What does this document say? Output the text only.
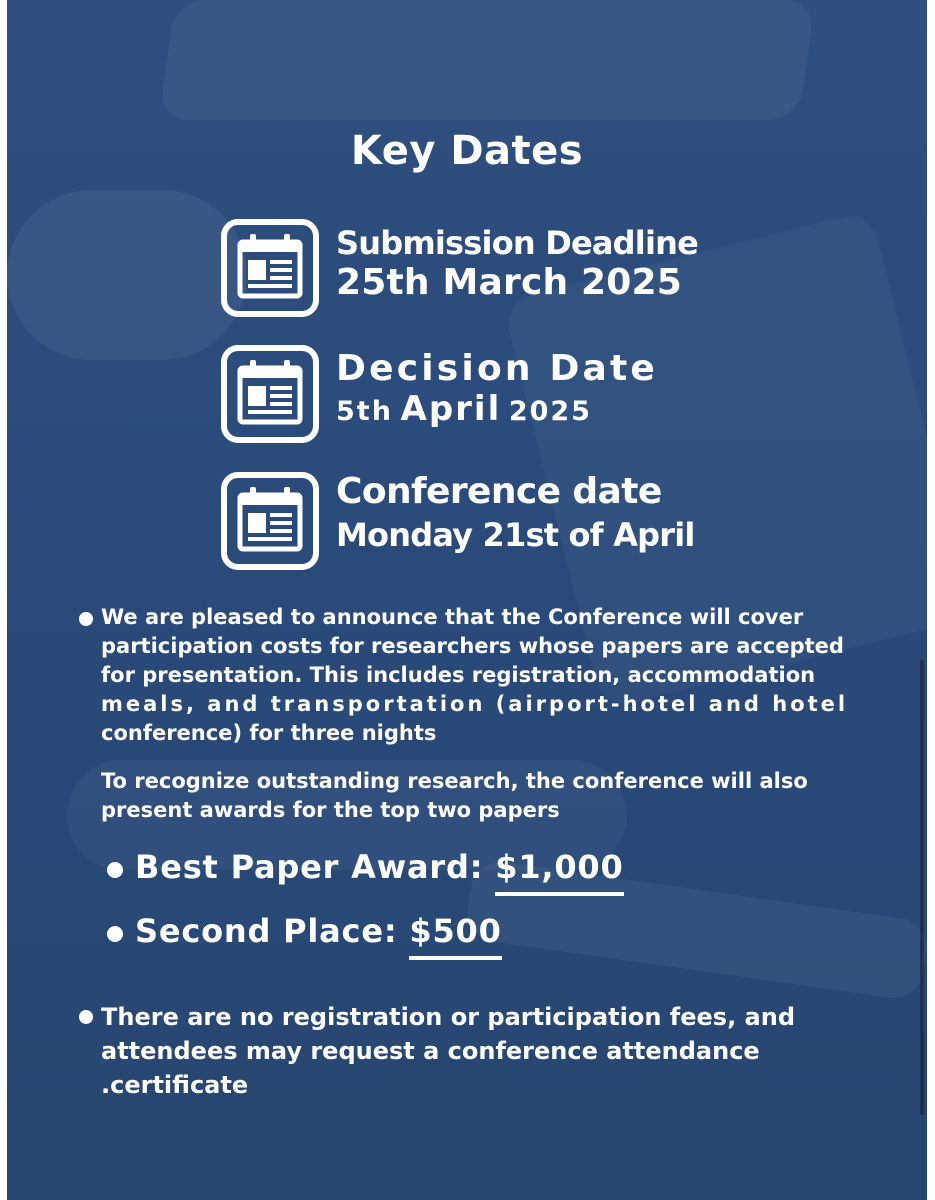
Key Dates
Submission Deadline
25th March 2025
Decision Date
5th April 2025
Conference date
Monday 21st of April

We are pleased to announce that the Conference will cover
participation costs for researchers whose papers are accepted
for presentation. This includes registration, accommodation
meals, and transportation (airport-hotel and hotel
conference) for three nights

To recognize outstanding research, the conference will also
present awards for the top two papers

Best Paper Award: $1,000
Second Place: $500

There are no registration or participation fees, and
attendees may request a conference attendance
.certificate
